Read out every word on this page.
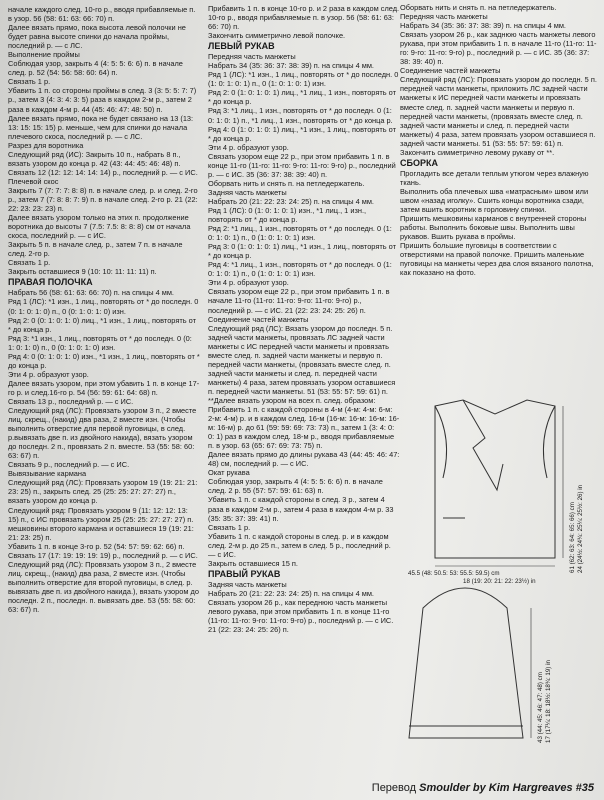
начале каждого след. 10-го р., вводя прибавляемые п. в узор. 56 (58: 61: 63: 66: 70) п.
Далее вязать прямо, пока высота левой полочки не будет равна высоте спинки до начала проймы, последний р. — с ЛС.

Выполнение проймы

Соблюдая узор, закрыть 4 (4: 5: 5: 6: 6) п. в начале след. р. 52 (54: 56: 58: 60: 64) п.
Связать 1 р.
Убавить 1 п. со стороны проймы в след. 3 (3: 5: 5: 7: 7) р., затем 3 (4: 3: 4: 3: 5) раза в каждом 2-м р., затем 2 раза в каждом 4-м р. 44 (45: 46: 47: 48: 50) п.
Далее вязать прямо, пока не будет связано на 13 (13: 13: 15: 15: 15) р. меньше, чем для спинки до начала плечевого скоса, последний р. — с ЛС.

Разрез для воротника

Следующий ряд (ИС): Закрыть 10 п., набрать 8 п., вязать узором до конца р. 42 (43: 44: 45: 46: 48) п.
Связать 12 (12: 12: 14: 14: 14) р., последний р. — с ИС.

Плечевой скос

Закрыть 7 (7: 7: 7: 8: 8) п. в начале след. р. и след. 2-го р., затем 7 (7: 8: 8: 7: 9) п. в начале след. 2-го р. 21 (22: 22: 23: 23: 23) п.
Далее вязать узором только на этих п. продолжение воротника до высоты 7 (7.5: 7.5: 8: 8: 8) см от начала скоса, последний р. — с ИС.
Закрыть 5 п. в начале след. р., затем 7 п. в начале след. 2-го р.
Связать 1 р.
Закрыть оставшиеся 9 (10: 10: 11: 11: 11) п.

ПРАВАЯ ПОЛОЧКА

Набрать 56 (58: 61: 63: 66: 70) п. на спицы 4 мм.
Ряд 1 (ЛС): *1 изн., 1 лиц., повторять от * до последн. 0 (0: 1: 0: 1: 0) п., 0 (0: 1: 0: 1: 0) изн.
Ряд 2: 0 (0: 1: 0: 1: 0) лиц., *1 изн., 1 лиц., повторять от * до конца р.
Ряд 3: *1 изн., 1 лиц., повторять от * до последн. 0 (0: 1: 0: 1: 0) п., 0 (0: 1: 0: 1: 0) изн.
Ряд 4: 0 (0: 1: 0: 1: 0) изн., *1 изн., 1 лиц., повторять от * до конца р.
Эти 4 р. образуют узор.
Далее вязать узором, при этом убавить 1 п. в конце 17-го р. и след.16-го р. 54 (56: 59: 61: 64: 68) п.
Связать 13 р., последний р. — с ИС.
Следующий ряд (ЛС): Провязать узором 3 п., 2 вместе лиц. скрещ., (накид) два раза, 2 вместе изн. (Чтобы выполнить отверстие для первой пуговицы, в след. р.вывязать две п. из двойного накида), вязать узором до последн. 2 п., провязать 2 п. вместе. 53 (55: 58: 60: 63: 67) п.
Связать 9 р., последний р. — с ИС.

Вывязывание кармана

Следующий ряд (ЛС): Провязать узором 19 (19: 21: 21: 23: 25) п., закрыть след. 25 (25: 25: 27: 27: 27) п., вязать узором до конца р.
Следующий ряд: Провязать узором 9 (11: 12: 12: 13: 15) п., с ИС провязать узором 25 (25: 25: 27: 27: 27) п. мешковины второго кармана и оставшиеся 19 (19: 21: 21: 23: 25) п.
Убавить 1 п. в конце 3-го р. 52 (54: 57: 59: 62: 66) п.
Связать 17 (17: 19: 19: 19: 19) р., последний р. — с ИС.
Следующий ряд (ЛС): Провязать узором 3 п., 2 вместе лиц. скрещ., (накид) два раза, 2 вместе изн. (Чтобы выполнить отверстие для второй пуговицы, в след. р. вывязать две п. из двойного накида.), вязать узором до последн. 2 п., последн. п. вывязать две. 53 (55: 58: 60: 63: 67) п.

Прибавить 1 п. в конце 10-го р. и 2 раза в каждом след. 10-го р., вводя прибавляемые п. в узор. 56 (58: 61: 63: 66: 70) п.
Закончить симметрично левой полочке.

ЛЕВЫЙ РУКАВ

Передняя часть манжеты
Набрать 34 (35: 36: 37: 38: 39) п. на спицы 4 мм.
Ряд 1 (ЛС): *1 изн., 1 лиц., повторять от * до последн. 0 (1: 0: 1: 0: 1) п., 0 (1: 0: 1: 0: 1) изн.
Ряд 2: 0 (1: 0: 1: 0: 1) лиц., *1 лиц., 1 изн., повторять от * до конца р.
Ряд 3: *1 лиц., 1 изн., повторять от * до последн. 0 (1: 0: 1: 0: 1) п., *1 лиц., 1 изн., повторять от * до конца р.
Ряд 4: 0 (1: 0: 1: 0: 1) лиц., *1 изн., 1 лиц., повторять от * до конца р.
Эти 4 р. образуют узор.
Связать узором еще 22 р., при этом прибавить 1 п. в конце 11-го (11-го: 11-го: 9-го: 11-го: 9-го) р., последний р. — с ИС. 35 (36: 37: 38: 39: 40) п.
Оборвать нить и снять п. на петледержатель.
Задняя часть манжеты
Набрать 20 (21: 22: 23: 24: 25) п. на спицы 4 мм.
Ряд 1 (ЛС): 0 (1: 0: 1: 0: 1) изн., *1 лиц., 1 изн., повторять от * до конца р.
Ряд 2: *1 лиц., 1 изн., повторять от * до последн. 0 (1: 0: 1: 0: 1) п., 0 (1: 0: 1: 0: 1) изн.
Ряд 3: 0 (1: 0: 1: 0: 1) лиц., *1 изн., 1 лиц., повторять от * до конца р.
Ряд 4: *1 лиц., 1 изн., повторять от * до последн. 0 (1: 0: 1: 0: 1) п., 0 (1: 0: 1: 0: 1) изн.
Эти 4 р. образуют узор.
Связать узором еще 22 р., при этом прибавить 1 п. в начале 11-го (11-го: 11-го: 9-го: 11-го: 9-го) р., последний р. — с ИС. 21 (22: 23: 24: 25: 26) п.

Соединение частей манжеты

Следующий ряд (ЛС): Вязать узором до последн. 5 п. задней части манжеты, провязать ЛС задней части манжеты с ИС передней части манжеты и провязать вместе след. п. задней части манжеты и первую п. передней части манжеты, (провязать вместе след. п. задней части манжеты и след. п. передней части манжеты) 4 раза, затем провязать узором оставшиеся п. передней части манжеты. 51 (53: 55: 57: 59: 61) п.
**Далее вязать узором на всех п. след. образом:
Прибавить 1 п. с каждой стороны в 4-м (4-м: 4-м: 6-м: 2-м: 4-м) р. и в каждом след. 16-м (16-м: 16-м: 16-м: 16-м: 16-м) р. до 61 (59: 59: 69: 73: 73) п., затем 1 (3: 4: 0: 0: 1) раз в каждом след. 18-м р., вводя прибавляемые п. в узор. 63 (65: 67: 69: 73: 75) п.
Далее вязать прямо до длины рукава 43 (44: 45: 46: 47: 48) см, последний р. — с ИС.

Окат рукава

Соблюдая узор, закрыть 4 (4: 5: 5: 6: 6) п. в начале след. 2 р. 55 (57: 57: 59: 61: 63) п.
Убавить 1 п. с каждой стороны в след. 3 р., затем 4 раза в каждом 2-м р., затем 4 раза в каждом 4-м р. 33 (35: 35: 37: 39: 41) п.
Связать 1 р.
Убавить 1 п. с каждой стороны в след. р. и в каждом след. 2-м р. до 25 п., затем в след. 5 р., последний р. — с ИС.
Закрыть оставшиеся 15 п.

ПРАВЫЙ РУКАВ

Задняя часть манжеты
Набрать 20 (21: 22: 23: 24: 25) п. на спицы 4 мм.
Связать узором 26 р., как переднюю часть манжеты левого рукава, при этом прибавить 1 п. в конце 11-го (11-го: 11-го: 9-го: 11-го: 9-го) р., последний р. — с ИС. 21 (22: 23: 24: 25: 26) п.

Оборвать нить и снять п. на петледержатель.
Передняя часть манжеты
Набрать 34 (35: 36: 37: 38: 39) п. на спицы 4 мм.
Связать узором 26 р., как заднюю часть манжеты левого рукава, при этом прибавить 1 п. в начале 11-го (11-го: 11-го: 9-го: 11-го: 9-го) р., последний р. — с ИС. 35 (36: 37: 38: 39: 40) п.

Соединение частей манжеты

Следующий ряд (ЛС): Провязать узором до последн. 5 п. передней части манжеты, приложить ЛС задней части манжеты к ИС передней части манжеты и провязать вместе след. п. задней части манжеты и первую п. передней части манжеты, (провязать вместе след. п. задней части манжеты и след. п. передней части манжеты) 4 раза, затем провязать узором оставшиеся п. задней части манжеты. 51 (53: 55: 57: 59: 61) п.
Закончить симметрично левому рукаву от **.

СБОРКА

Прогладить все детали теплым утюгом через влажную ткань.
Выполнить оба плечевых шва «матрасным» швом или швом «назад иголку». Сшить концы воротника сзади, затем вшить воротник в горловину спинки.
Пришить мешковины карманов с внутренней стороны работы. Выполнить боковые швы. Выполнить швы рукавов. Вшить рукава в проймы.
Пришить большие пуговицы в соответствии с отверстиями на правой полочке. Пришить маленькие пуговицы на манжеты через два слоя вязаного полотна, как показано на фото.

45.5 (48: 50.5: 53: 55.5: 59.5) cm
18 (19: 20: 21: 22: 23½) in
61 (62: 63: 64: 65: 66) cm 24 (24½: 24¾: 25¼: 25½: 26) in
43 (44: 45: 46: 47: 48) cm 17 (17¼: 18: 18½: 18¾: 19) in
Перевод Smoulder by Kim Hargreaves #35
